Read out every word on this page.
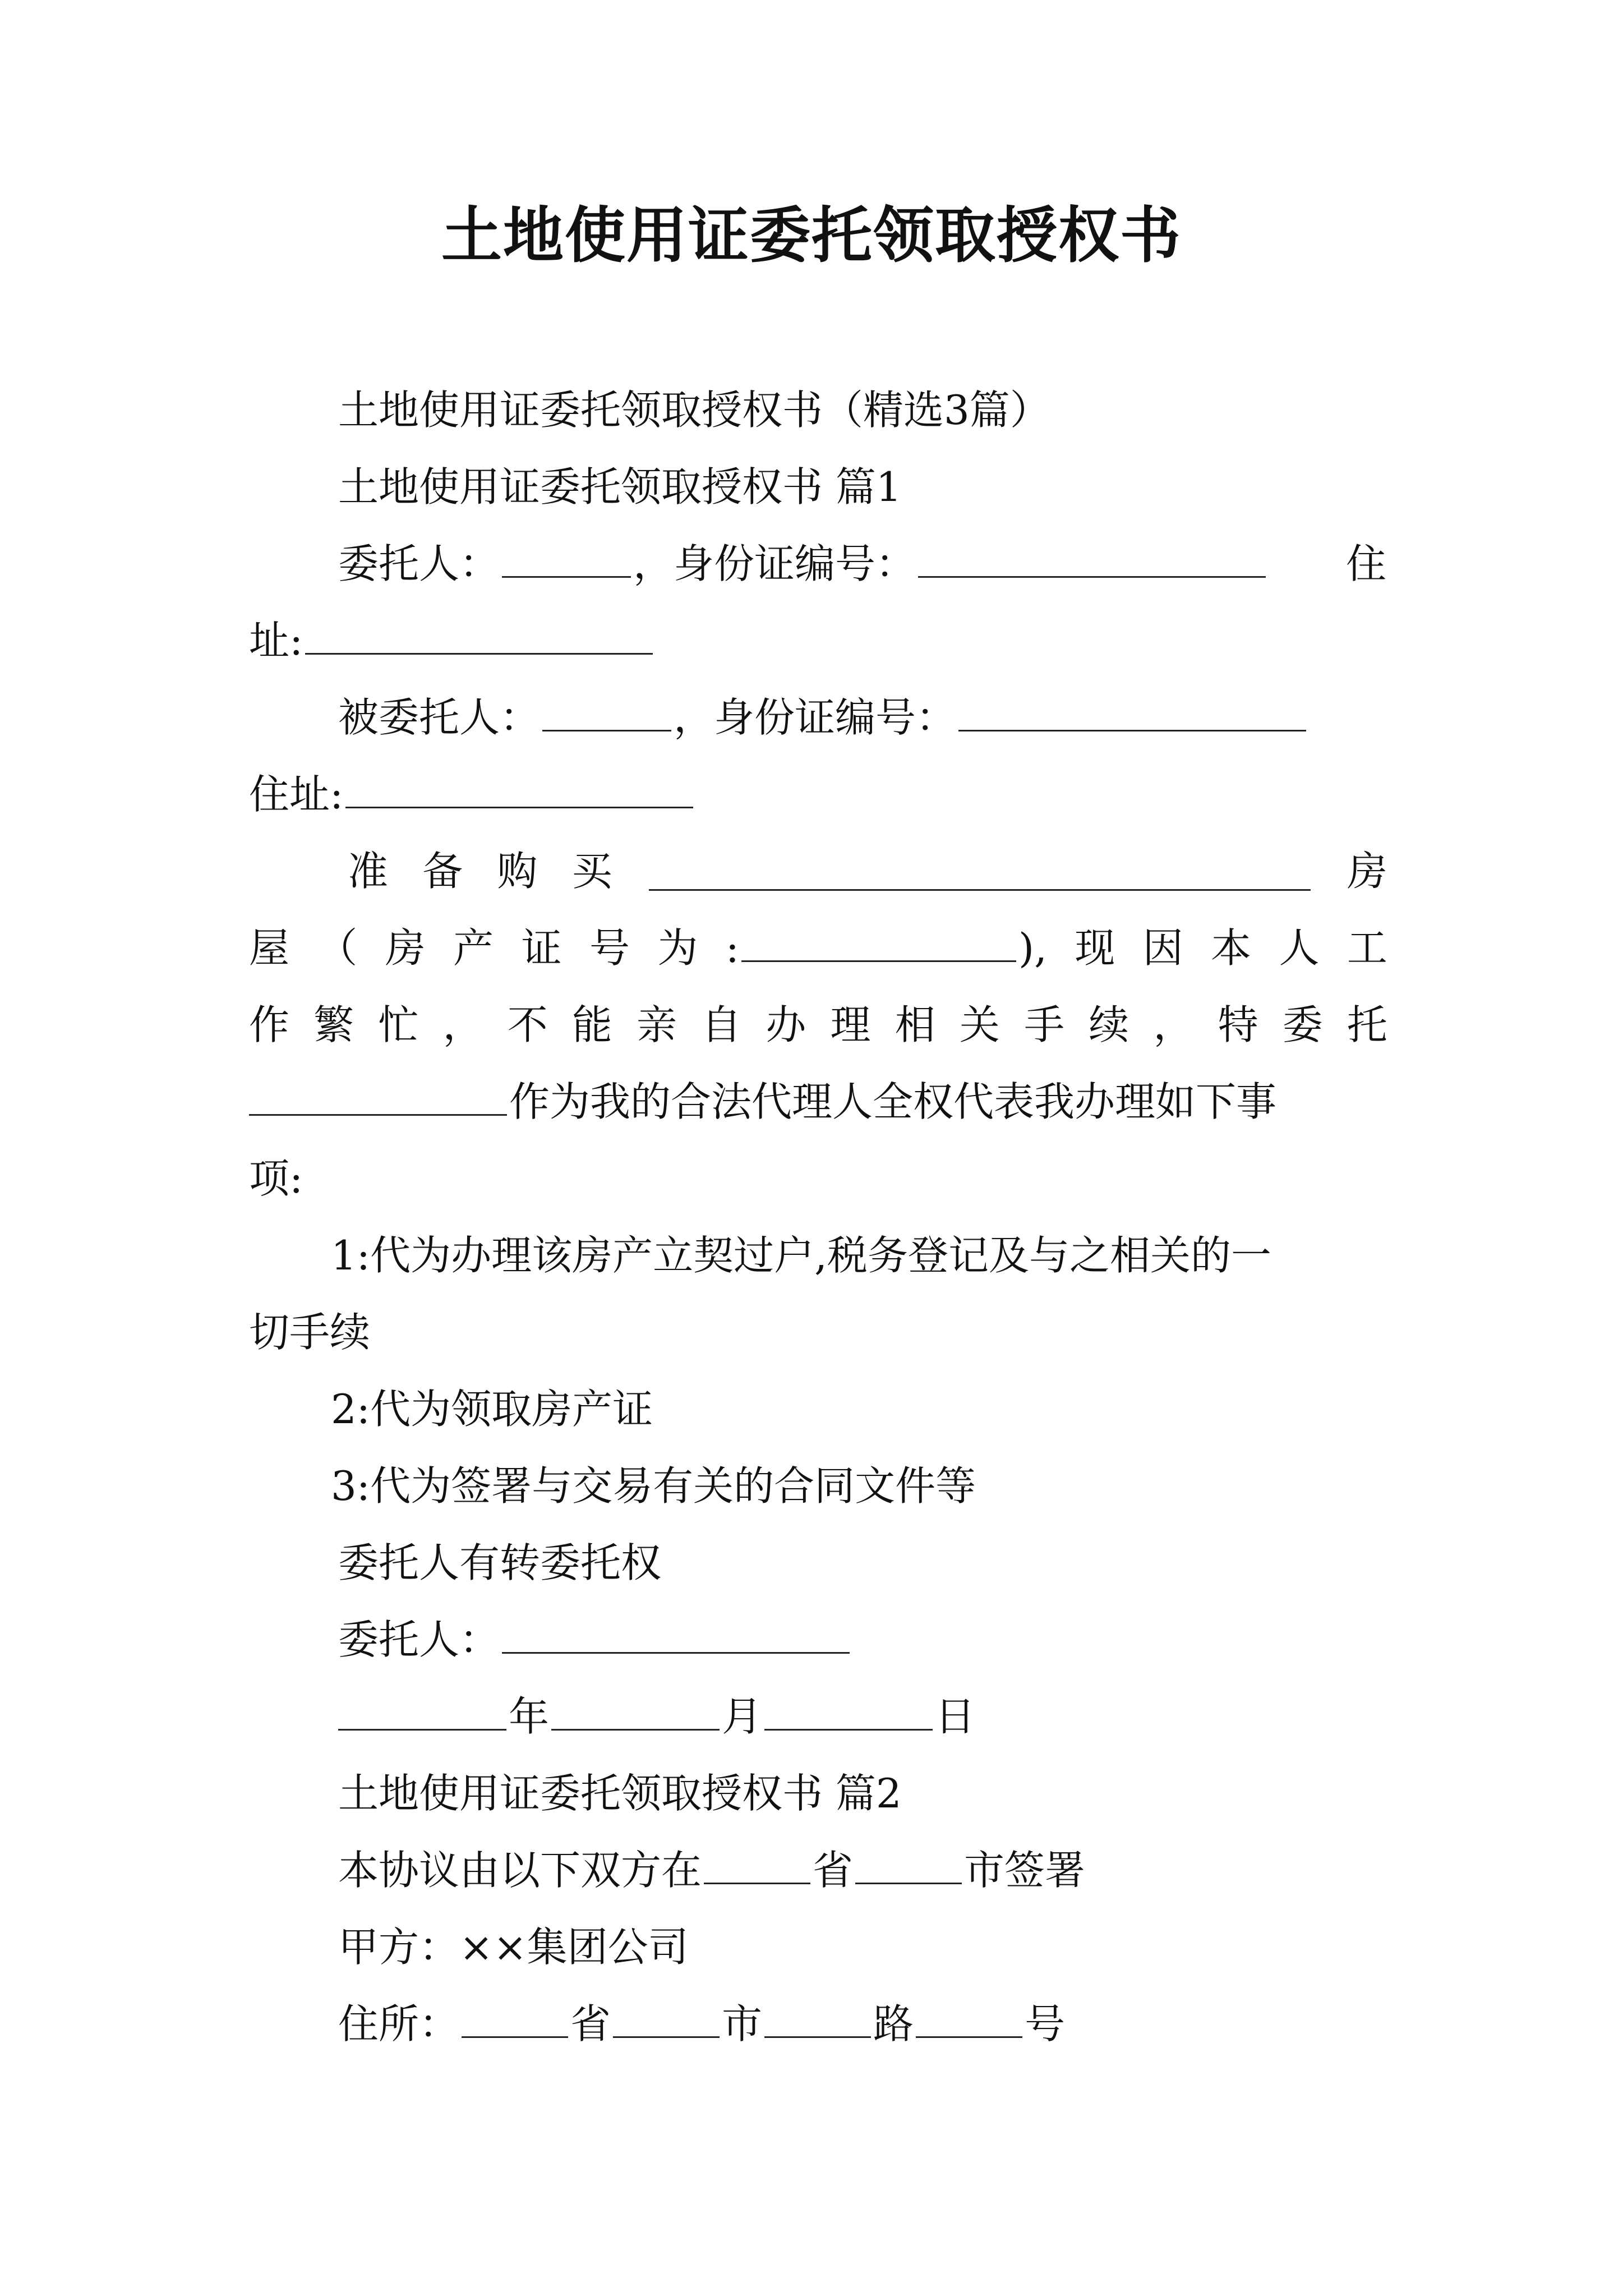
土地使用证委托领取授权书
土地使用证委托领取授权书（精选3篇）
土地使用证委托领取授权书 篇1
委托人：	，身份证编号：	住
址:
被委托人：	，身份证编号：
住址:
准 备 购 买	房
屋 （ 房 产 证 号 为 :	), 现 因 本 人 工
作 繁 忙 ， 不 能 亲 自 办 理 相 关 手 续 ， 特 委 托
作为我的合法代理人全权代表我办理如下事
项:
1:代为办理该房产立契过户,税务登记及与之相关的一
切手续
2:代为领取房产证
3:代为签署与交易有关的合同文件等
委托人有转委托权
委托人：
年	月	日
土地使用证委托领取授权书 篇2
本协议由以下双方在	省	市签署
甲方：××集团公司
住所：	省	市	路	号
